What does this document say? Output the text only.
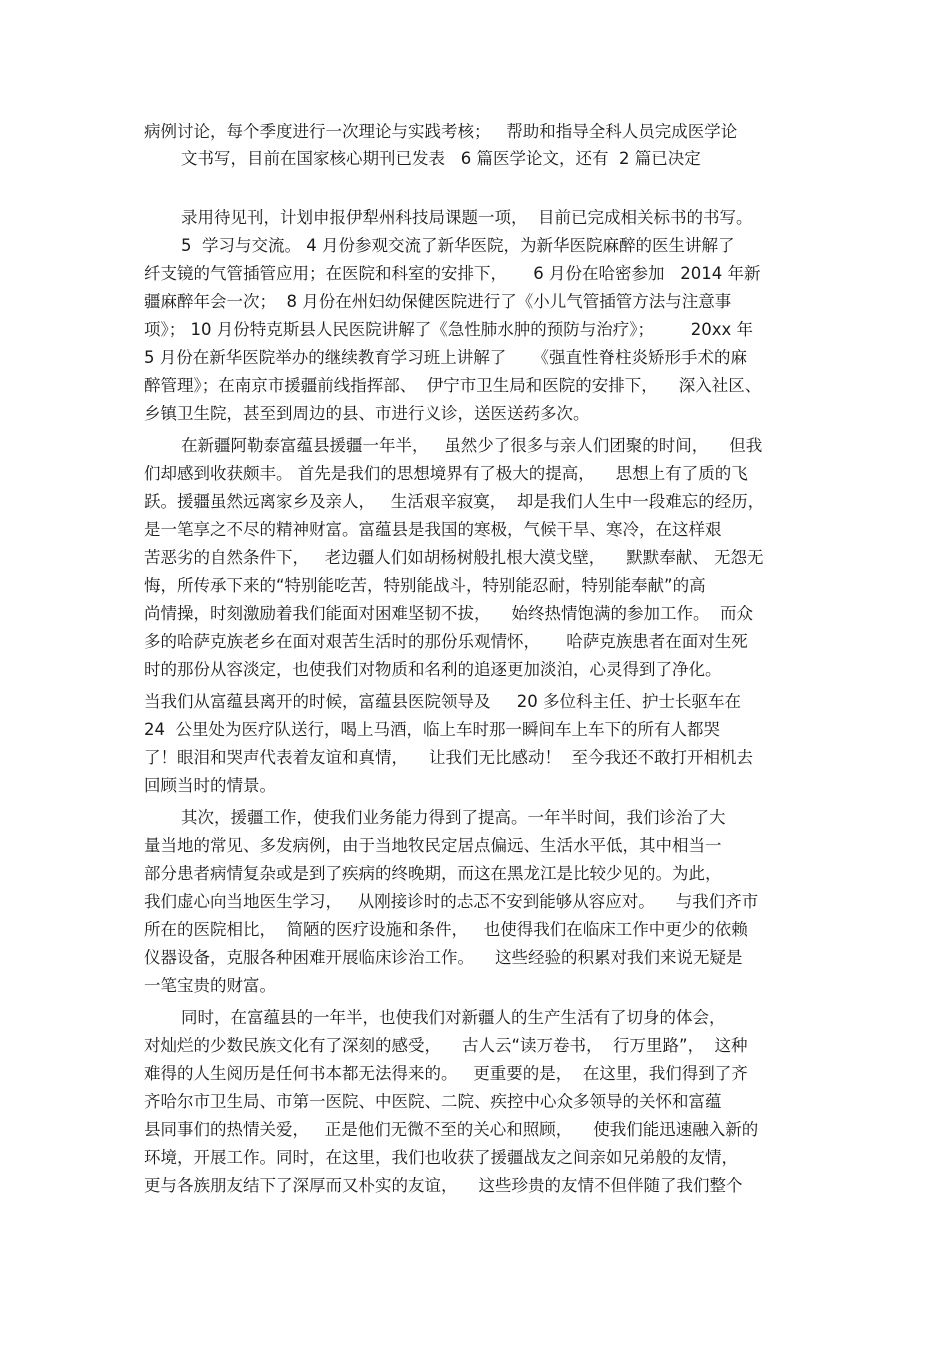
病例讨论，每个季度进行一次理论与实践考核；   帮助和指导全科人员完成医学论
文书写，目前在国家核心期刊已发表   6 篇医学论文，还有  2 篇已决定
录用待见刊，计划申报伊犁州科技局课题一项，  目前已完成相关标书的书写。
5  学习与交流。 4 月份参观交流了新华医院，为新华医院麻醉的医生讲解了
纤支镜的气管插管应用；在医院和科室的安排下，     6 月份在哈密参加   2014 年新
疆麻醉年会一次；  8 月份在州妇幼保健医院进行了《小儿气管插管方法与注意事
项》； 10 月份特克斯县人民医院讲解了《急性肺水肿的预防与治疗》；       20xx 年
5 月份在新华医院举办的继续教育学习班上讲解了     《强直性脊柱炎矫形手术的麻
醉管理》；在南京市援疆前线指挥部、  伊宁市卫生局和医院的安排下，    深入社区、
乡镇卫生院，甚至到周边的县、市进行义诊，送医送药多次。
在新疆阿勒泰富蕴县援疆一年半，   虽然少了很多与亲人们团聚的时间，    但我
们却感到收获颇丰。 首先是我们的思想境界有了极大的提高，    思想上有了质的飞
跃。援疆虽然远离家乡及亲人，   生活艰辛寂寞，  却是我们人生中一段难忘的经历，
是一笔享之不尽的精神财富。富蕴县是我国的寒极，气候干旱、寒冷，在这样艰
苦恶劣的自然条件下，   老边疆人们如胡杨树般扎根大漠戈壁，    默默奉献、 无怨无
悔，所传承下来的“特别能吃苦，特别能战斗，特别能忍耐，特别能奉献”的高
尚情操，时刻激励着我们能面对困难坚韧不拔，    始终热情饱满的参加工作。  而众
多的哈萨克族老乡在面对艰苦生活时的那份乐观情怀，     哈萨克族患者在面对生死
时的那份从容淡定，也使我们对物质和名利的追逐更加淡泊，心灵得到了净化。
当我们从富蕴县离开的时候，富蕴县医院领导及     20 多位科主任、护士长驱车在
24  公里处为医疗队送行，喝上马酒，临上车时那一瞬间车上车下的所有人都哭
了！眼泪和哭声代表着友谊和真情，    让我们无比感动！  至今我还不敢打开相机去
回顾当时的情景。
其次，援疆工作，使我们业务能力得到了提高。一年半时间，我们诊治了大
量当地的常见、多发病例，由于当地牧民定居点偏远、生活水平低，其中相当一
部分患者病情复杂或是到了疾病的终晚期，而这在黑龙江是比较少见的。为此，
我们虚心向当地医生学习，   从刚接诊时的忐忑不安到能够从容应对。    与我们齐市
所在的医院相比，  简陋的医疗设施和条件，   也使得我们在临床工作中更少的依赖
仪器设备，克服各种困难开展临床诊治工作。    这些经验的积累对我们来说无疑是
一笔宝贵的财富。
同时，在富蕴县的一年半，也使我们对新疆人的生产生活有了切身的体会，
对灿烂的少数民族文化有了深刻的感受，    古人云“读万卷书，  行万里路”，  这种
难得的人生阅历是任何书本都无法得来的。   更重要的是，  在这里，我们得到了齐
齐哈尔市卫生局、市第一医院、中医院、二院、疾控中心众多领导的关怀和富蕴
县同事们的热情关爱，   正是他们无微不至的关心和照顾，    使我们能迅速融入新的
环境，开展工作。同时，在这里，我们也收获了援疆战友之间亲如兄弟般的友情，
更与各族朋友结下了深厚而又朴实的友谊，    这些珍贵的友情不但伴随了我们整个
